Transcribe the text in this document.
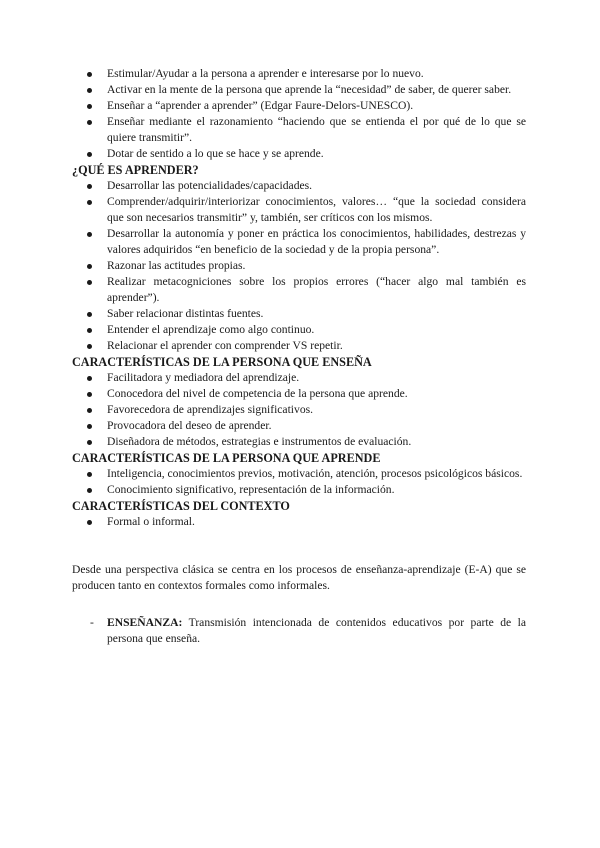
Estimular/Ayudar a la persona a aprender e interesarse por lo nuevo.
Activar en la mente de la persona que aprende la “necesidad” de saber, de querer saber.
Enseñar a “aprender a aprender” (Edgar Faure-Delors-UNESCO).
Enseñar mediante el razonamiento “haciendo que se entienda el por qué de lo que se quiere transmitir”.
Dotar de sentido a lo que se hace y se aprende.
¿QUÉ ES APRENDER?
Desarrollar las potencialidades/capacidades.
Comprender/adquirir/interiorizar conocimientos, valores… “que la sociedad considera que son necesarios transmitir” y, también, ser críticos con los mismos.
Desarrollar la autonomía y poner en práctica los conocimientos, habilidades, destrezas y valores adquiridos “en beneficio de la sociedad y de la propia persona”.
Razonar las actitudes propias.
Realizar metacogniciones sobre los propios errores (“hacer algo mal también es aprender”).
Saber relacionar distintas fuentes.
Entender el aprendizaje como algo continuo.
Relacionar el aprender con comprender VS repetir.
CARACTERÍSTICAS DE LA PERSONA QUE ENSEÑA
Facilitadora y mediadora del aprendizaje.
Conocedora del nivel de competencia de la persona que aprende.
Favorecedora de aprendizajes significativos.
Provocadora del deseo de aprender.
Diseñadora de métodos, estrategias e instrumentos de evaluación.
CARACTERÍSTICAS DE LA PERSONA QUE APRENDE
Inteligencia, conocimientos previos, motivación, atención, procesos psicológicos básicos.
Conocimiento significativo, representación de la información.
CARACTERÍSTICAS DEL CONTEXTO
Formal o informal.

Desde una perspectiva clásica se centra en los procesos de enseñanza-aprendizaje (E-A) que se producen tanto en contextos formales como informales.

- ENSEÑANZA: Transmisión intencionada de contenidos educativos por parte de la persona que enseña.
